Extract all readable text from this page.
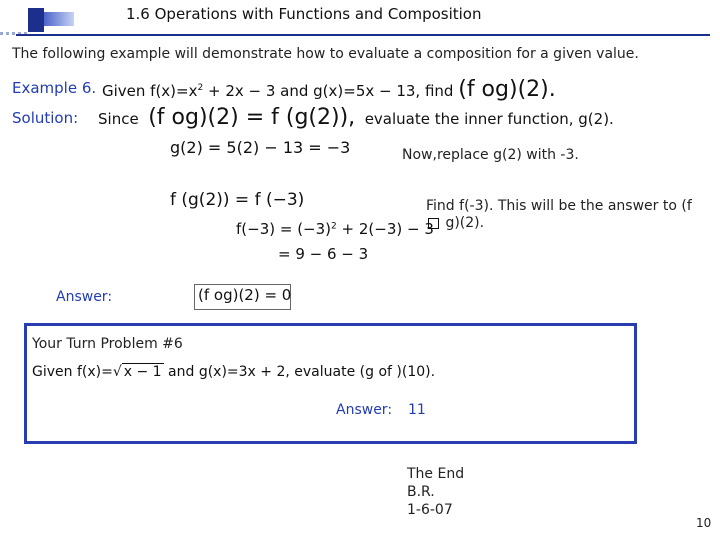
1.6 Operations with Functions and Composition
The following example will demonstrate how to evaluate a composition for a given value.
Example 6. Given $f(x)=x^2 + 2x - 3$ and g(x)=5x − 13, find (f og)(2).
Solution: Since (f og)(2) = f (g(2)), evaluate the inner function, g(2).
g(2) = 5(2) − 13 = −3	Now,replace g(2) with -3.
f (g(2)) = f (−3)	Find f(-3). This will be the answer to (f  g)(2).
$f(-3) = (-3)^2 + 2(-3) - 3$
= 9 − 6 − 3
Answer:	(f og)(2) = 0
Your Turn Problem #6
Given f(x)=√ x − 1 and g(x)=3x + 2, evaluate (g of )(10).
Answer: 11
The End
B.R.
1-6-07
10
